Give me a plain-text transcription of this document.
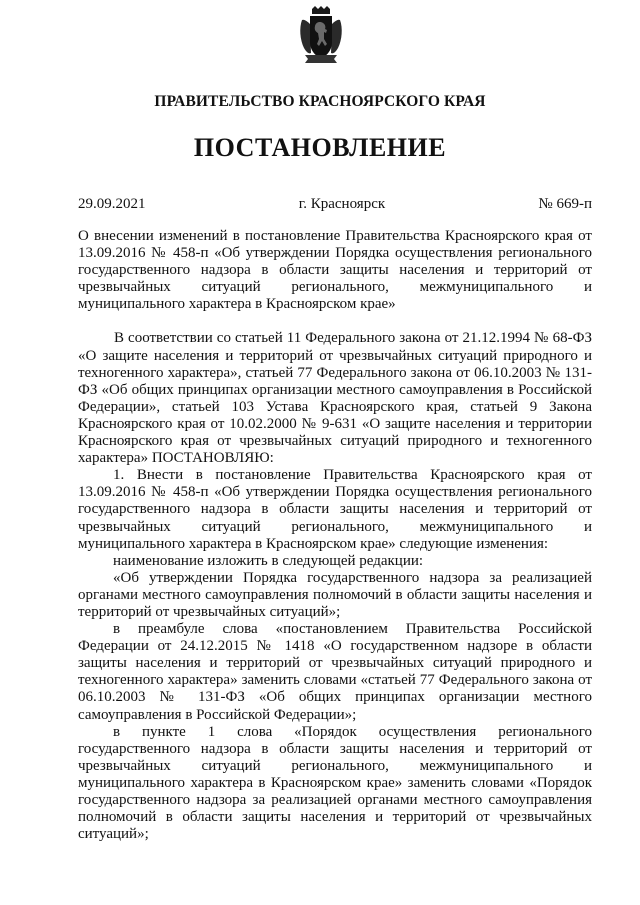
ПРАВИТЕЛЬСТВО КРАСНОЯРСКОГО КРАЯ
ПОСТАНОВЛЕНИЕ
29.09.2021	г. Красноярск	№ 669-п

О внесении изменений в постановление Правительства Красноярского края от 13.09.2016 № 458-п «Об утверждении Порядка осуществления регионального государственного надзора в области защиты населения и территорий от чрезвычайных ситуаций регионального, межмуниципального и муниципального характера в Красноярском крае»

В соответствии со статьей 11 Федерального закона от 21.12.1994 № 68-ФЗ «О защите населения и территорий от чрезвычайных ситуаций природного и техногенного характера», статьей 77 Федерального закона от 06.10.2003 № 131-ФЗ «Об общих принципах организации местного самоуправления в Российской Федерации», статьей 103 Устава Красноярского края, статьей 9 Закона Красноярского края от 10.02.2000 № 9-631 «О защите населения и территории Красноярского края от чрезвычайных ситуаций природного и техногенного характера» ПОСТАНОВЛЯЮ:

1. Внести в постановление Правительства Красноярского края от 13.09.2016 № 458-п «Об утверждении Порядка осуществления регионального государственного надзора в области защиты населения и территорий от чрезвычайных ситуаций регионального, межмуниципального и муниципального характера в Красноярском крае» следующие изменения:

наименование изложить в следующей редакции:

«Об утверждении Порядка государственного надзора за реализацией органами местного самоуправления полномочий в области защиты населения и территорий от чрезвычайных ситуаций»;

в преамбуле слова «постановлением Правительства Российской Федерации от 24.12.2015 № 1418 «О государственном надзоре в области защиты населения и территорий от чрезвычайных ситуаций природного и техногенного характера» заменить словами «статьей 77 Федерального закона от 06.10.2003 № 131-ФЗ «Об общих принципах организации местного самоуправления в Российской Федерации»;

в пункте 1 слова «Порядок осуществления регионального государственного надзора в области защиты населения и территорий от чрезвычайных ситуаций регионального, межмуниципального и муниципального характера в Красноярском крае» заменить словами «Порядок государственного надзора за реализацией органами местного самоуправления полномочий в области защиты населения и территорий от чрезвычайных ситуаций»;
